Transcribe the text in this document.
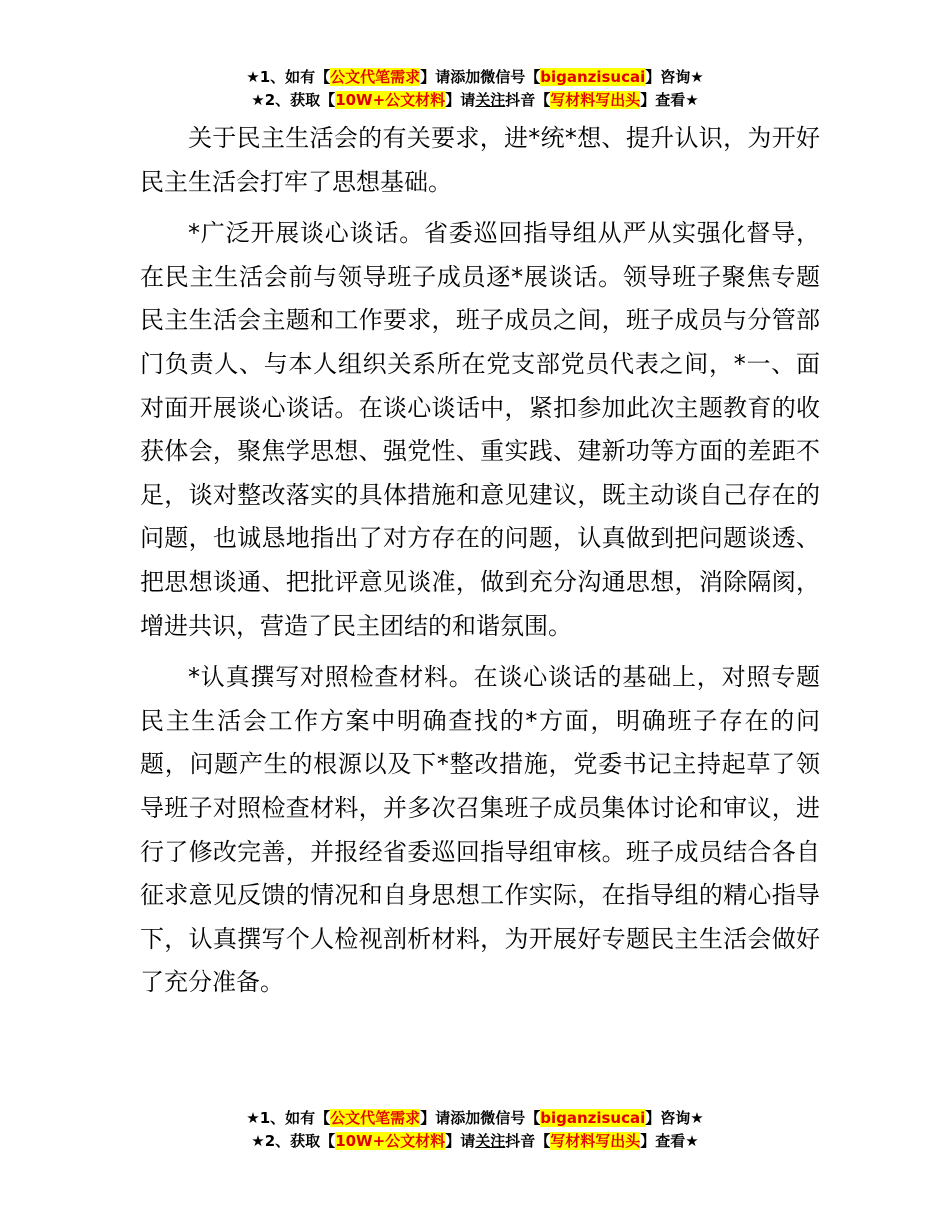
★1、如有【公文代笔需求】请添加微信号【biganzisucai】咨询★
★2、获取【10W+公文材料】请关注抖音【写材料写出头】查看★

关于民主生活会的有关要求，进*统*想、提升认识，为开好民主生活会打牢了思想基础。

*广泛开展谈心谈话。省委巡回指导组从严从实强化督导，在民主生活会前与领导班子成员逐*展谈话。领导班子聚焦专题民主生活会主题和工作要求，班子成员之间，班子成员与分管部门负责人、与本人组织关系所在党支部党员代表之间，*一、面对面开展谈心谈话。在谈心谈话中，紧扣参加此次主题教育的收获体会，聚焦学思想、强党性、重实践、建新功等方面的差距不足，谈对整改落实的具体措施和意见建议，既主动谈自己存在的问题，也诚恳地指出了对方存在的问题，认真做到把问题谈透、把思想谈通、把批评意见谈准，做到充分沟通思想，消除隔阂，增进共识，营造了民主团结的和谐氛围。

*认真撰写对照检查材料。在谈心谈话的基础上，对照专题民主生活会工作方案中明确查找的*方面，明确班子存在的问题，问题产生的根源以及下*整改措施，党委书记主持起草了领导班子对照检查材料，并多次召集班子成员集体讨论和审议，进行了修改完善，并报经省委巡回指导组审核。班子成员结合各自征求意见反馈的情况和自身思想工作实际，在指导组的精心指导下，认真撰写个人检视剖析材料，为开展好专题民主生活会做好了充分准备。

★1、如有【公文代笔需求】请添加微信号【biganzisucai】咨询★
★2、获取【10W+公文材料】请关注抖音【写材料写出头】查看★
